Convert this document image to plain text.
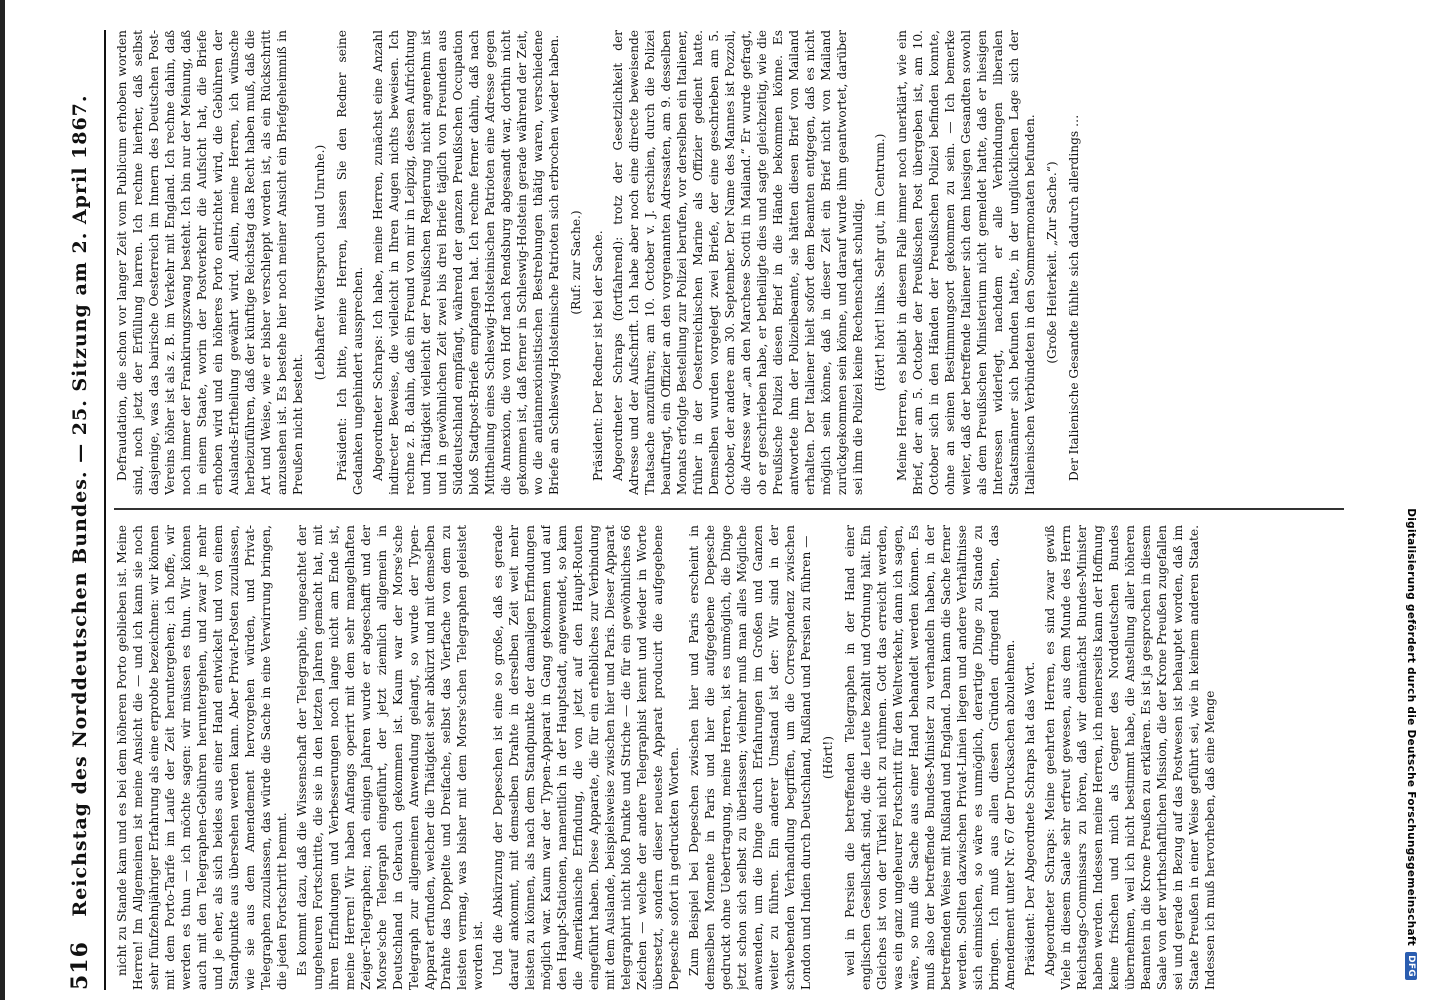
516
Reichstag des Norddeutschen Bundes. — 25. Sitzung am 2. April 1867. nicht zu Stande kam und es bei dem höheren Porto geblieben ist. Meine Herren! Im Allgemeinen ist meine Ansicht die — und ich kann sie noch sehr fünfzehnjähriger Erfahrung als eine erprobte bezeichnen: wir können mit dem Porto-Tarife im Laufe der Zeit heruntergehen; ich hoffe, wir werden es thun — ich möchte sagen: wir müssen es thun. Wir können auch mit den Telegraphen-Gebühren heruntergehen, und zwar je mehr und je eher, als sich beides aus einer Hand entwickelt und von einem Standpunkte aus übersehen werden kann. Aber Privat-Posten zuzulassen, wie sie aus dem Amendement hervorgehen würden, und Privat-Telegraphen zuzulassen, das würde die Sache in eine Verwirrung bringen, die jeden Fortschritt hemmt. Es kommt dazu, daß die Wissenschaft der Telegraphie, ungeachtet der ungeheuren Fortschritte, die sie in den letzten Jahren gemacht hat, mit ihren Erfindungen und Verbesserungen noch lange nicht am Ende ist, meine Herren! Wir haben Anfangs operirt mit dem sehr mangelhaften Zeiger-Telegraphen; nach einigen Jahren wurde er abgeschafft und der Morse'sche Telegraph eingeführt, der jetzt ziemlich allgemein in Deutschland in Gebrauch gekommen ist. Kaum war der Morse'sche Telegraph zur allgemeinen Anwendung gelangt, so wurde der Typen-Apparat erfunden, welcher die Thätigkeit sehr abkürzt und mit demselben Drahte das Doppelte und Dreifache, selbst das Vierfache von dem zu leisten vermag, was bisher mit dem Morse'schen Telegraphen geleistet worden ist. Und die Abkürzung der Depeschen ist eine so große, daß es gerade darauf ankommt, mit demselben Drahte in derselben Zeit weit mehr leisten zu können, als nach dem Standpunkte der damaligen Erfindungen möglich war. Kaum war der Typen-Apparat in Gang gekommen und auf den Haupt-Stationen, namentlich in der Hauptstadt, angewendet, so kam die Amerikanische Erfindung, die von jetzt auf den Haupt-Routen eingeführt haben. Diese Apparate, die für ein erhebliches zur Verbindung mit dem Auslande, beispielsweise zwischen hier und Paris. Dieser Apparat telegraphirt nicht bloß Punkte und Striche — die für ein gewöhnliches 66 Zeichen — welche der andere Telegraphist kennt und wieder in Worte übersetzt, sondern dieser neueste Apparat producirt die aufgegebene Depesche sofort in gedruckten Worten. Zum Beispiel bei Depeschen zwischen hier und Paris erscheint in demselben Momente in Paris und hier die aufgegebene Depesche gedruckt ohne Uebertragung, meine Herren, ist es unmöglich, die Dinge jetzt schon sich selbst zu überlassen; vielmehr muß man alles Mögliche anwenden, um die Dinge durch Erfahrungen im Großen und Ganzen weiter zu führen. Ein anderer Umstand ist der: Wir sind in der schwebenden Verhandlung begriffen, um die Correspondenz zwischen London und Indien durch Deutschland, Rußland und Persien zu führen — (Hört!) weil in Persien die betreffenden Telegraphen in der Hand einer englischen Gesellschaft sind, die die Leute bezahlt und Ordnung hält. Ein Gleiches ist von der Türkei nicht zu rühmen. Gott das erreicht werden, was ein ganz ungeheurer Fortschritt für den Weltverkehr, dann ich sagen, wäre, so muß die Sache aus einer Hand behandelt werden können. Es muß also der betreffende Bundes-Minister zu verhandeln haben, in der betreffenden Weise mit Rußland und England. Dann kann die Sache ferner werden. Sollten dazwischen Privat-Linien liegen und andere Verhältnisse sich einmischen, so wäre es unmöglich, derartige Dinge zu Stande zu bringen. Ich muß aus allen diesen Gründen dringend bitten, das Amendement unter Nr. 67 der Drucksachen abzulehnen. Präsident: Der Abgeordnete Schraps hat das Wort. Abgeordneter Schraps: Meine geehrten Herren, es sind zwar gewiß Viele in diesem Saale sehr erfreut gewesen, aus dem Munde des Herrn Reichstags-Commissars zu hören, daß wir demnächst Bundes-Minister haben werden. Indessen meine Herren, ich meinerseits kann der Hoffnung keine frischen und mich als Gegner des Norddeutschen Bundes übernehmen, weil ich nicht bestimmt habe, die Anstellung aller höheren Beamten in die Krone Preußen zu erklären. Es ist ja gesprochen in diesem Saale von der wirthschaftlichen Mission, die der Krone Preußen zugefallen sei und gerade in Bezug auf das Postwesen ist behauptet worden, daß im Staate Preußen in einer Weise geführt sei, wie in keinem anderen Staate. Indessen ich muß hervorheben, daß eine Menge

Defraudation, die schon vor langer Zeit vom Publicum erhoben worden sind, noch jetzt der Erfüllung harren. Ich rechne hierher, daß selbst dasjenige, was das bairische Oesterreich im Innern des Deutschen Post-Vereins höher ist als z. B. im Verkehr mit England. Ich rechne dahin, daß noch immer der Frankirungszwang besteht. Ich bin nur der Meinung, daß in einem Staate, worin der Postverkehr die Aufsicht hat, die Briefe erhoben wird und ein höheres Porto entrichtet wird, die Gebühren der Auslands-Ertheilung gewährt wird. Allein, meine Herren, ich wünsche herbeizuführen, daß der künftige Reichstag das Recht haben muß, daß die Art und Weise, wie er bisher verschleppt worden ist, als ein Rückschritt anzusehen ist. Es bestehe hier noch meiner Ansicht ein Briefgeheimniß in Preußen nicht besteht.

(Lebhafter Widerspruch und Unruhe.) Präsident: Ich bitte, meine Herren, lassen Sie den Redner seine Gedanken ungehindert aussprechen. Abgeordneter Schraps: Ich habe, meine Herren, zunächst eine Anzahl indirecter Beweise, die vielleicht in Ihren Augen nichts beweisen. Ich rechne z. B. dahin, daß ein Freund von mir in Leipzig, dessen Aufrichtung und Thätigkeit vielleicht der Preußischen Regierung nicht angenehm ist und in gewöhnlichen Zeit zwei bis drei Briefe täglich von Freunden aus Süddeutschland empfängt, während der ganzen Preußischen Occupation bloß Stadtpost-Briefe empfangen hat. Ich rechne ferner dahin, daß nach Mittheilung eines Schleswig-Holsteinischen Patrioten eine Adresse gegen die Annexion, die von Hoff nach Rendsburg abgesandt war, dorthin nicht gekommen ist, daß ferner in Schleswig-Holstein gerade während der Zeit, wo die antiannexionistischen Bestrebungen thätig waren, verschiedene Briefe an Schleswig-Holsteinische Patrioten sich erbrochen wieder haben. (Ruf: zur Sache.) Präsident: Der Redner ist bei der Sache. Abgeordneter Schraps (fortfahrend): trotz der Gesetzlichkeit der Adresse und der Aufschrift. Ich habe aber noch eine directe beweisende Thatsache anzuführen; am 10. October v. J. erschien, durch die Polizei beauftragt, ein Offizier an den vorgenannten Adressaten, am 9. desselben Monats erfolgte Bestellung zur Polizei berufen, vor derselben ein Italiener, früher in der Oesterreichischen Marine als Offizier gedient hatte. Demselben wurden vorgelegt zwei Briefe, der eine geschrieben am 5. October, der andere am 30. September. Der Name des Mannes ist Pozzoli, die Adresse war „an den Marchese Scotti in Mailand.“ Er wurde gefragt, ob er geschrieben habe, er betheiligte dies und sagte gleichzeitig, wie die Preußische Polizei diesen Brief in die Hände bekommen könne. Es antwortete ihm der Polizeibeamte, sie hätten diesen Brief von Mailand erhalten. Der Italiener hielt sofort dem Beamten entgegen, daß es nicht möglich sein könne, daß in dieser Zeit ein Brief nicht von Mailand zurückgekommen sein könne, und darauf wurde ihm geantwortet, darüber sei ihm die Polizei keine Rechenschaft schuldig. (Hört! hört! links. Sehr gut, im Centrum.) Meine Herren, es bleibt in diesem Falle immer noch unerklärt, wie ein Brief, der am 5. October der Preußischen Post übergeben ist, am 10. October sich in den Händen der Preußischen Polizei befinden konnte, ohne an seinen Bestimmungsort gekommen zu sein. — Ich bemerke weiter, daß der betreffende Italiener sich dem hiesigen Gesandten sowohl als dem Preußischen Ministerium nicht gemeldet hatte, daß er hiesigen Interessen widerlegt, nachdem er alle Verbindungen liberalen Staatsmänner sich befunden hatte, in der unglücklichen Lage sich der Italienischen Verbündeten in den Sommermonaten befunden. (Große Heiterkeit. „Zur Sache.“) Der Italienische Gesandte fühlte sich dadurch allerdings …

Digitalisierung gefördert durch die Deutsche Forschungsgemeinschaft
DFG
